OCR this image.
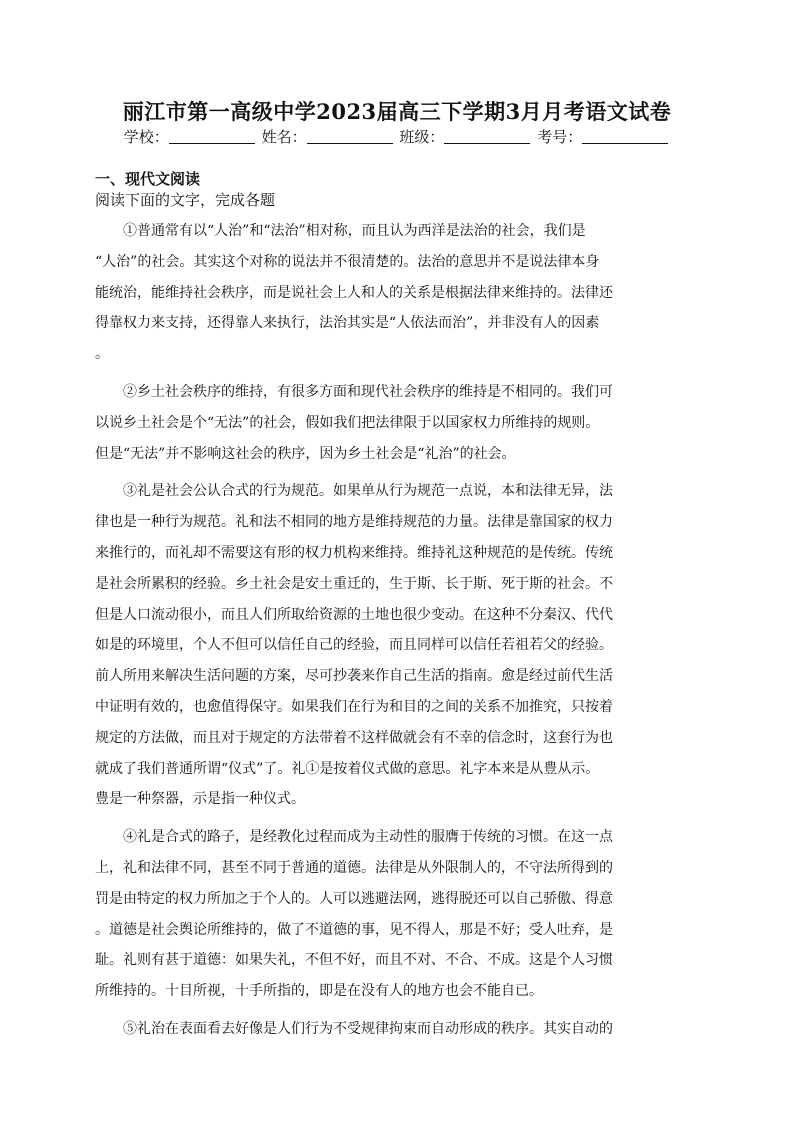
丽江市第一高级中学2023届高三下学期3月月考语文试卷
学校：	姓名：	班级：	考号：
一、现代文阅读
阅读下面的文字，完成各题
①普通常有以“人治”和“法治”相对称，而且认为西洋是法治的社会，我们是
“人治”的社会。其实这个对称的说法并不很清楚的。法治的意思并不是说法律本身
能统治，能维持社会秩序，而是说社会上人和人的关系是根据法律来维持的。法律还
得靠权力来支持，还得靠人来执行，法治其实是“人依法而治”，并非没有人的因素
。
②乡土社会秩序的维持，有很多方面和现代社会秩序的维持是不相同的。我们可
以说乡土社会是个“无法”的社会，假如我们把法律限于以国家权力所维持的规则。
但是“无法”并不影响这社会的秩序，因为乡土社会是“礼治”的社会。
③礼是社会公认合式的行为规范。如果单从行为规范一点说，本和法律无异，法
律也是一种行为规范。礼和法不相同的地方是维持规范的力量。法律是靠国家的权力
来推行的，而礼却不需要这有形的权力机构来维持。维持礼这种规范的是传统。传统
是社会所累积的经验。乡土社会是安土重迁的，生于斯、长于斯、死于斯的社会。不
但是人口流动很小，而且人们所取给资源的土地也很少变动。在这种不分秦汉、代代
如是的环境里，个人不但可以信任自己的经验，而且同样可以信任若祖若父的经验。
前人所用来解决生活问题的方案，尽可抄袭来作自己生活的指南。愈是经过前代生活
中证明有效的，也愈值得保守。如果我们在行为和目的之间的关系不加推究，只按着
规定的方法做，而且对于规定的方法带着不这样做就会有不幸的信念时，这套行为也
就成了我们普通所谓“仪式”了。礼①是按着仪式做的意思。礼字本来是从豊从示。
豊是一种祭器，示是指一种仪式。
④礼是合式的路子，是经教化过程而成为主动性的服膺于传统的习惯。在这一点
上，礼和法律不同，甚至不同于普通的道德。法律是从外限制人的，不守法所得到的
罚是由特定的权力所加之于个人的。人可以逃避法网，逃得脱还可以自己骄傲、得意
。道德是社会舆论所维持的，做了不道德的事，见不得人，那是不好；受人吐弃，是
耻。礼则有甚于道德：如果失礼，不但不好，而且不对、不合、不成。这是个人习惯
所维持的。十目所视，十手所指的，即是在没有人的地方也会不能自已。
⑤礼治在表面看去好像是人们行为不受规律拘束而自动形成的秩序。其实自动的
